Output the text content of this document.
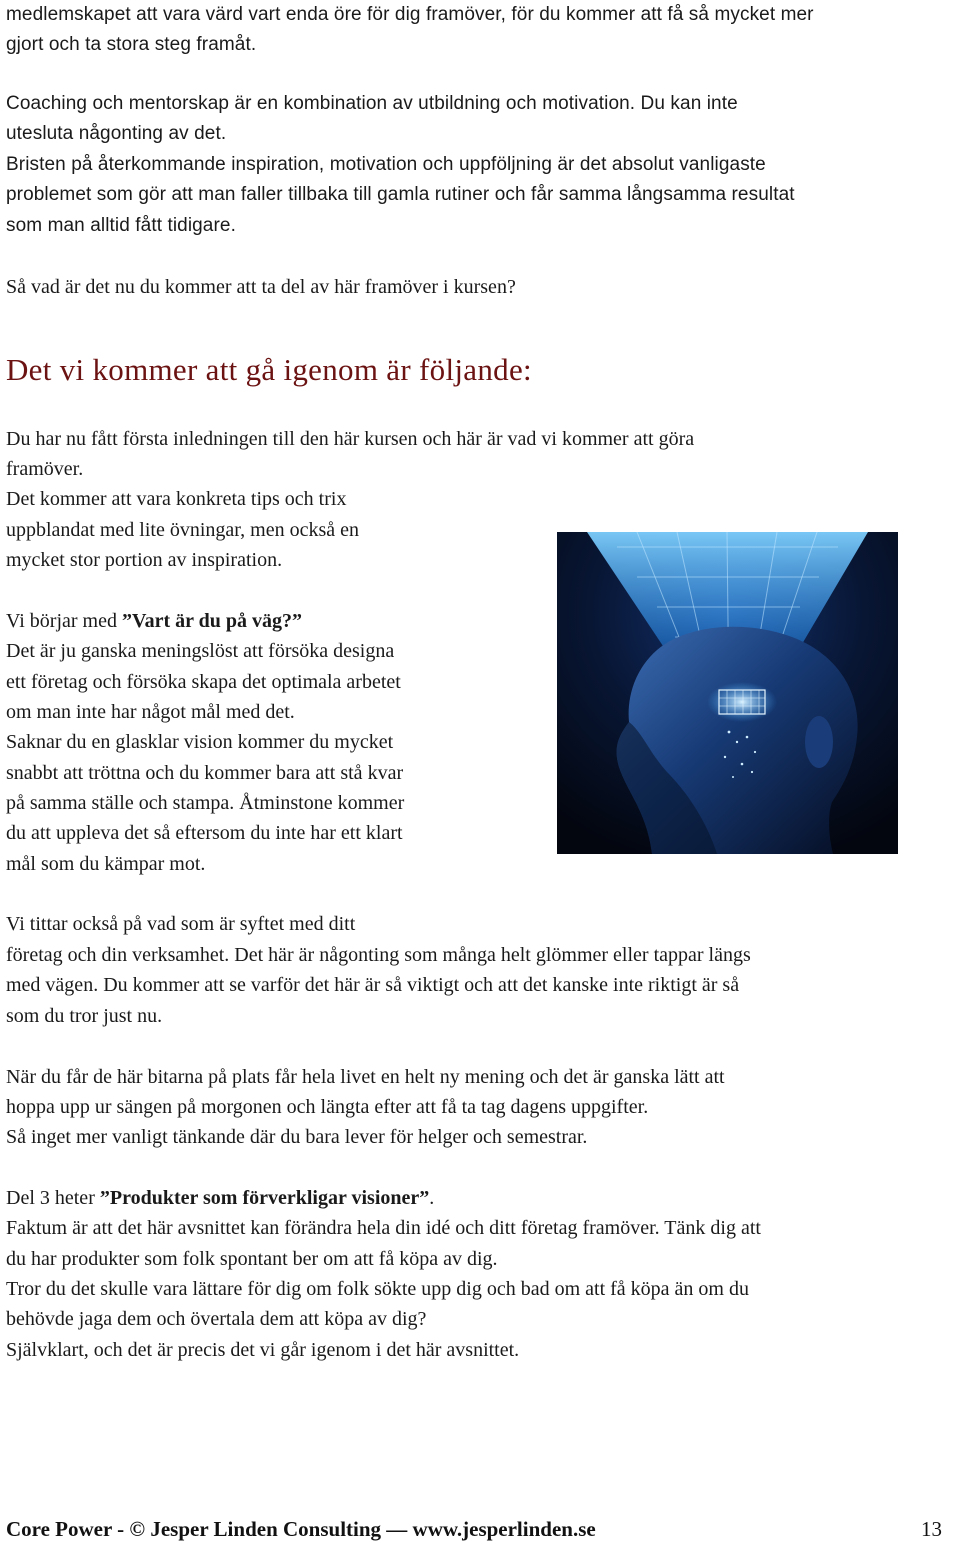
medlemskapet att vara värd vart enda öre för dig framöver, för du kommer att få så mycket mer
gjort och ta stora steg framåt.
Coaching och mentorskap är en kombination av utbildning och motivation. Du kan inte
utesluta någonting av det.
Bristen på återkommande inspiration, motivation och uppföljning är det absolut vanligaste
problemet som gör att man faller tillbaka till gamla rutiner och får samma långsamma resultat
som man alltid fått tidigare.
Så vad är det nu du kommer att ta del av här framöver i kursen?
Det vi kommer att gå igenom är följande:
Du har nu fått första inledningen till den här kursen och här är vad vi kommer att göra
framöver.
Det kommer att vara konkreta tips och trix
uppblandat med lite övningar, men också en
mycket stor portion av inspiration.
Vi börjar med ”Vart är du på väg?”
Det är ju ganska meningslöst att försöka designa
ett företag och försöka skapa det optimala arbetet
om man inte har något mål med det.
Saknar du en glasklar vision kommer du mycket
snabbt att tröttna och du kommer bara att stå kvar
på samma ställe och stampa. Åtminstone kommer
du att uppleva det så eftersom du inte har ett klart
mål som du kämpar mot.
Vi tittar också på vad som är syftet med ditt
företag och din verksamhet. Det här är någonting som många helt glömmer eller tappar längs
med vägen. Du kommer att se varför det här är så viktigt och att det kanske inte riktigt är så
som du tror just nu.
När du får de här bitarna på plats får hela livet en helt ny mening och det är ganska lätt att
hoppa upp ur sängen på morgonen och längta efter att få ta tag dagens uppgifter.
Så inget mer vanligt tänkande där du bara lever för helger och semestrar.
Del 3 heter ”Produkter som förverkligar visioner”.
Faktum är att det här avsnittet kan förändra hela din idé och ditt företag framöver. Tänk dig att
du har produkter som folk spontant ber om att få köpa av dig.
Tror du det skulle vara lättare för dig om folk sökte upp dig och bad om att få köpa än om du
behövde jaga dem och övertala dem att köpa av dig?
Självklart, och det är precis det vi går igenom i det här avsnittet.
Core Power - © Jesper Linden Consulting — www.jesperlinden.se	13
